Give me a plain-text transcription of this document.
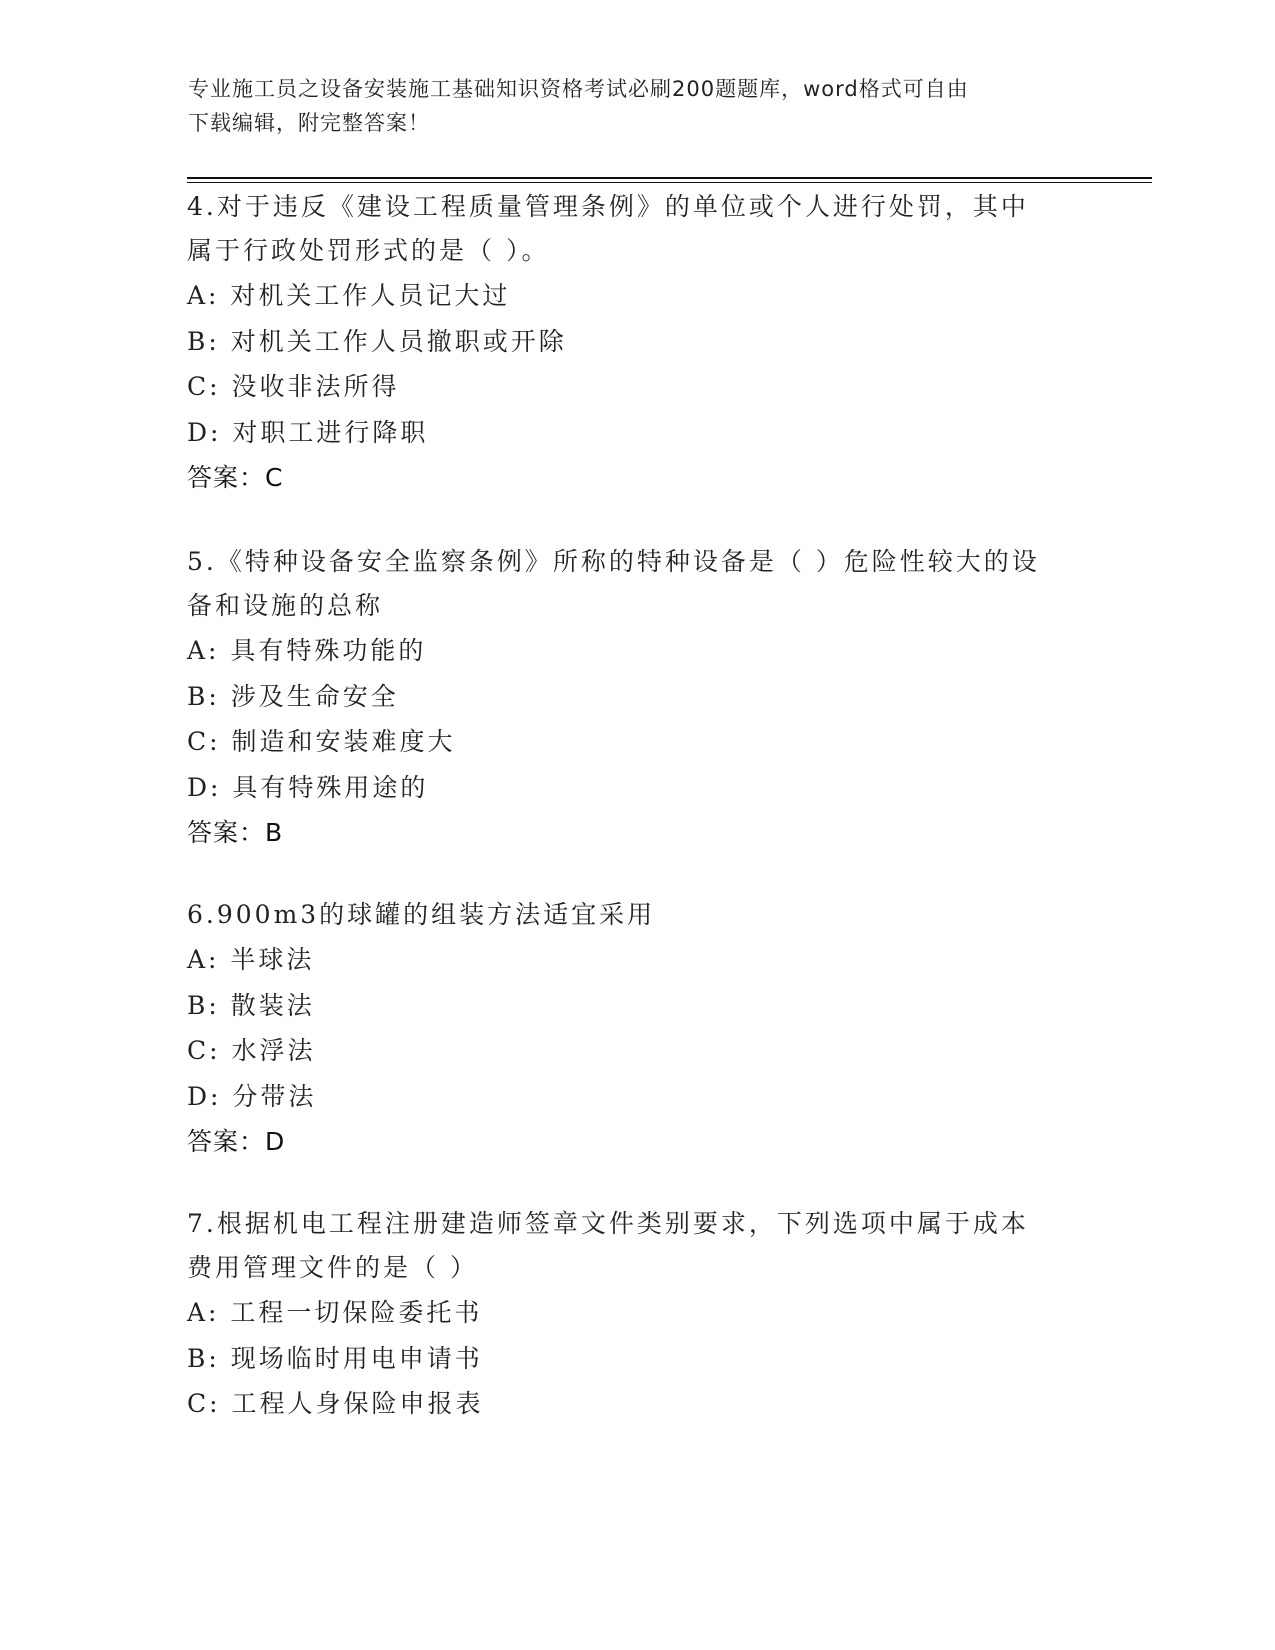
专业施工员之设备安装施工基础知识资格考试必刷200题题库，word格式可自由
下载编辑，附完整答案！

4.对于违反《建设工程质量管理条例》的单位或个人进行处罚，其中

属于行政处罚形式的是（ ）。

A: 对机关工作人员记大过

B: 对机关工作人员撤职或开除

C: 没收非法所得

D: 对职工进行降职

答案：C

5.《特种设备安全监察条例》所称的特种设备是（ ）危险性较大的设

备和设施的总称

A: 具有特殊功能的

B: 涉及生命安全

C: 制造和安装难度大

D: 具有特殊用途的

答案：B

6.900m3的球罐的组装方法适宜采用

A: 半球法

B: 散装法

C: 水浮法

D: 分带法

答案：D

7.根据机电工程注册建造师签章文件类别要求，下列选项中属于成本

费用管理文件的是（ ）

A: 工程一切保险委托书

B: 现场临时用电申请书

C: 工程人身保险申报表
